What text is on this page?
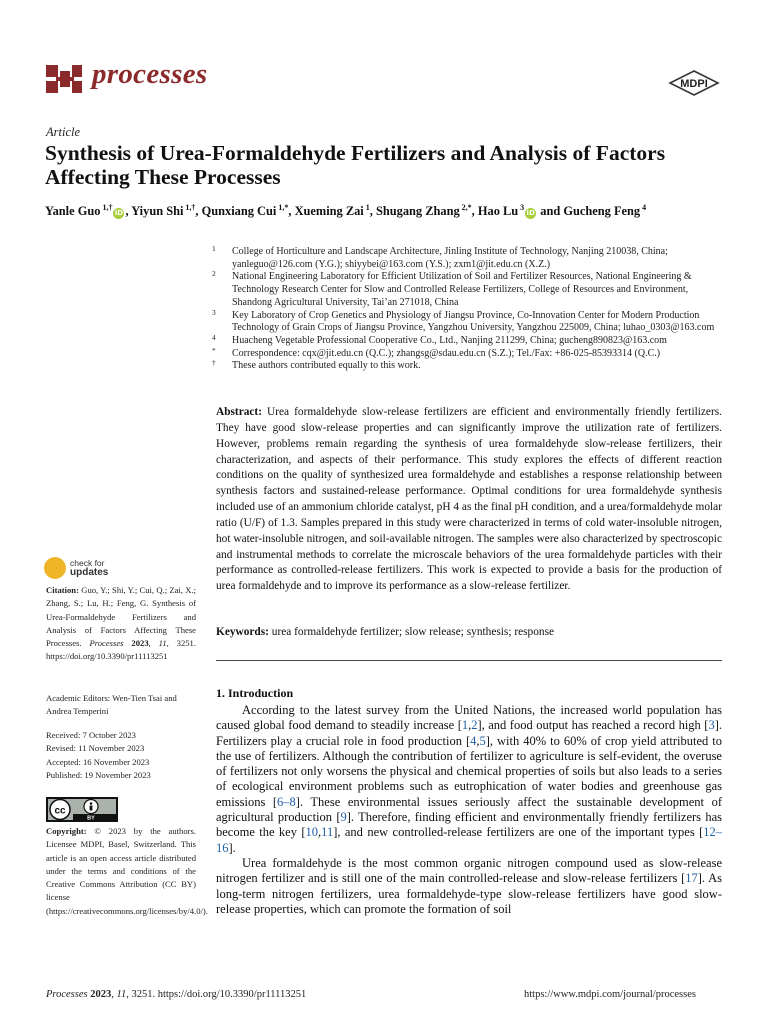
processes	MDPI
Article
Synthesis of Urea-Formaldehyde Fertilizers and Analysis of Factors Affecting These Processes
Yanle Guo $^{1,\dagger}$iD , Yiyun Shi $^{1,\dagger}$, Qunxiang Cui $^{1,*}$, Xueming Zai $^1$, Shugang Zhang $^{2,*}$, Hao Lu $^3$iD and Gucheng Feng $^4$
1 College of Horticulture and Landscape Architecture, Jinling Institute of Technology, Nanjing 210038, China; yanleguo@126.com (Y.G.); shiyybei@163.com (Y.S.); zxm1@jit.edu.cn (X.Z.)
2 National Engineering Laboratory for Efficient Utilization of Soil and Fertilizer Resources, National Engineering & Technology Research Center for Slow and Controlled Release Fertilizers, College of Resources and Environment, Shandong Agricultural University, Tai’an 271018, China
3 Key Laboratory of Crop Genetics and Physiology of Jiangsu Province, Co-Innovation Center for Modern Production Technology of Grain Crops of Jiangsu Province, Yangzhou University, Yangzhou 225009, China; luhao_0303@163.com
4 Huacheng Vegetable Professional Cooperative Co., Ltd., Nanjing 211299, China; gucheng890823@163.com
* Correspondence: cqx@jit.edu.cn (Q.C.); zhangsg@sdau.edu.cn (S.Z.); Tel./Fax: +86-025-85393314 (Q.C.)
† These authors contributed equally to this work.
Abstract: Urea formaldehyde slow-release fertilizers are efficient and environmentally friendly fertilizers. They have good slow-release properties and can significantly improve the utilization rate of fertilizers. However, problems remain regarding the synthesis of urea formaldehyde slow-release fertilizers, their characterization, and aspects of their performance. This study explores the effects of different reaction conditions on the quality of synthesized urea formaldehyde and establishes a response relationship between synthesis factors and sustained-release performance. Optimal conditions for urea formaldehyde synthesis included use of an ammonium chloride catalyst, pH 4 as the final pH condition, and a urea/formaldehyde molar ratio (U/F) of 1.3. Samples prepared in this study were characterized in terms of cold water-insoluble nitrogen, hot water-insoluble nitrogen, and soil-available nitrogen. The samples were also characterized by spectroscopic and instrumental methods to correlate the microscale behaviors of the urea formaldehyde particles with their performance as controlled-release fertilizers. This work is expected to provide a basis for the production of urea formaldehyde and to improve its performance as a slow-release fertilizer.
Keywords: urea formaldehyde fertilizer; slow release; synthesis; response
1. Introduction

According to the latest survey from the United Nations, the increased world population has caused global food demand to steadily increase [1,2], and food output has reached a record high [3]. Fertilizers play a crucial role in food production [4,5], with 40% to 60% of crop yield attributed to the use of fertilizers. Although the contribution of fertilizer to agriculture is self-evident, the overuse of fertilizers not only worsens the physical and chemical properties of soils but also leads to a series of ecological environment problems such as eutrophication of water bodies and greenhouse gas emissions [6–8]. These environmental issues seriously affect the sustainable development of agricultural production [9]. Therefore, finding efficient and environmentally friendly fertilizers has become the key [10,11], and new controlled-release fertilizers are one of the important types [12–16].

Urea formaldehyde is the most common organic nitrogen compound used as slow-release nitrogen fertilizer and is still one of the main controlled-release and slow-release fertilizers [17]. As long-term nitrogen fertilizers, urea formaldehyde-type slow-release fertilizers have good slow-release properties, which can promote the formation of soil

check for
updates
Citation: Guo, Y.; Shi, Y.; Cui, Q.; Zai, X.; Zhang, S.; Lu, H.; Feng, G. Synthesis of Urea-Formaldehyde Fertilizers and Analysis of Factors Affecting These Processes. Processes 2023, 11, 3251. https://doi.org/10.3390/pr11113251
Academic Editors: Wen-Tien Tsai and Andrea Temperini
Received: 7 October 2023
Revised: 11 November 2023
Accepted: 16 November 2023
Published: 19 November 2023
cc
BY
Copyright: © 2023 by the authors. Licensee MDPI, Basel, Switzerland. This article is an open access article distributed under the terms and conditions of the Creative Commons Attribution (CC BY) license (https://creativecommons.org/licenses/by/4.0/).
Processes 2023, 11, 3251. https://doi.org/10.3390/pr11113251	https://www.mdpi.com/journal/processes
